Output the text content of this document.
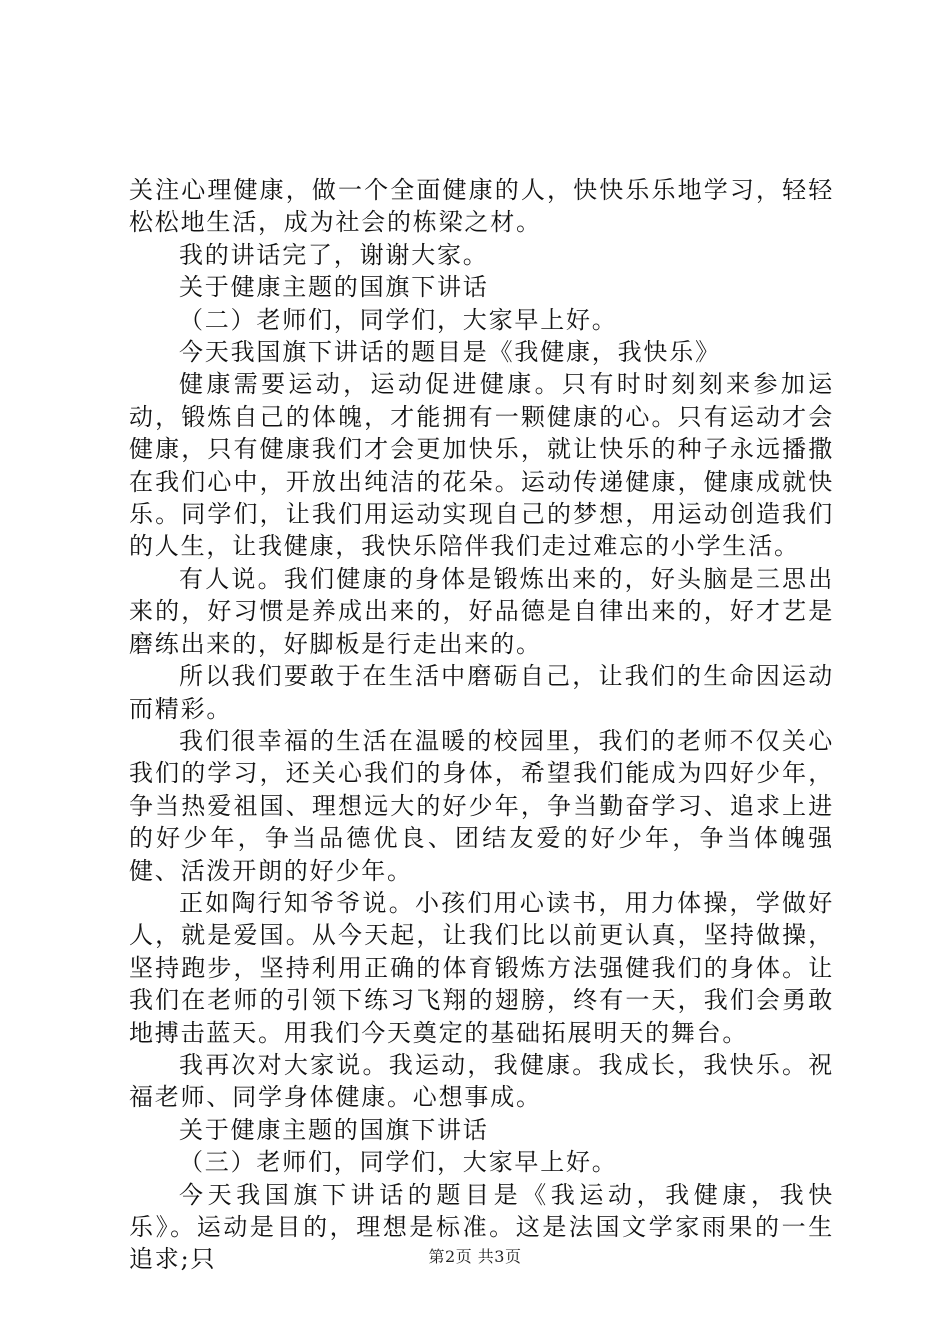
关注心理健康，做一个全面健康的人，快快乐乐地学习，轻轻松松地生活，成为社会的栋梁之材。

我的讲话完了，谢谢大家。

关于健康主题的国旗下讲话

（二）老师们，同学们，大家早上好。

今天我国旗下讲话的题目是《我健康，我快乐》

健康需要运动，运动促进健康。只有时时刻刻来参加运动，锻炼自己的体魄，才能拥有一颗健康的心。只有运动才会健康，只有健康我们才会更加快乐，就让快乐的种子永远播撒在我们心中，开放出纯洁的花朵。运动传递健康，健康成就快乐。同学们，让我们用运动实现自己的梦想，用运动创造我们的人生，让我健康，我快乐陪伴我们走过难忘的小学生活。

有人说。我们健康的身体是锻炼出来的，好头脑是三思出来的，好习惯是养成出来的，好品德是自律出来的，好才艺是磨练出来的，好脚板是行走出来的。

所以我们要敢于在生活中磨砺自己，让我们的生命因运动而精彩。

我们很幸福的生活在温暖的校园里，我们的老师不仅关心我们的学习，还关心我们的身体，希望我们能成为四好少年，争当热爱祖国、理想远大的好少年，争当勤奋学习、追求上进的好少年，争当品德优良、团结友爱的好少年，争当体魄强健、活泼开朗的好少年。

正如陶行知爷爷说。小孩们用心读书，用力体操，学做好人，就是爱国。从今天起，让我们比以前更认真，坚持做操，坚持跑步，坚持利用正确的体育锻炼方法强健我们的身体。让我们在老师的引领下练习飞翔的翅膀，终有一天，我们会勇敢地搏击蓝天。用我们今天奠定的基础拓展明天的舞台。

我再次对大家说。我运动，我健康。我成长，我快乐。祝福老师、同学身体健康。心想事成。

关于健康主题的国旗下讲话

（三）老师们，同学们，大家早上好。

今天我国旗下讲话的题目是《我运动，我健康，我快乐》。运动是目的，理想是标准。这是法国文学家雨果的一生追求;只	第2页 共3页
